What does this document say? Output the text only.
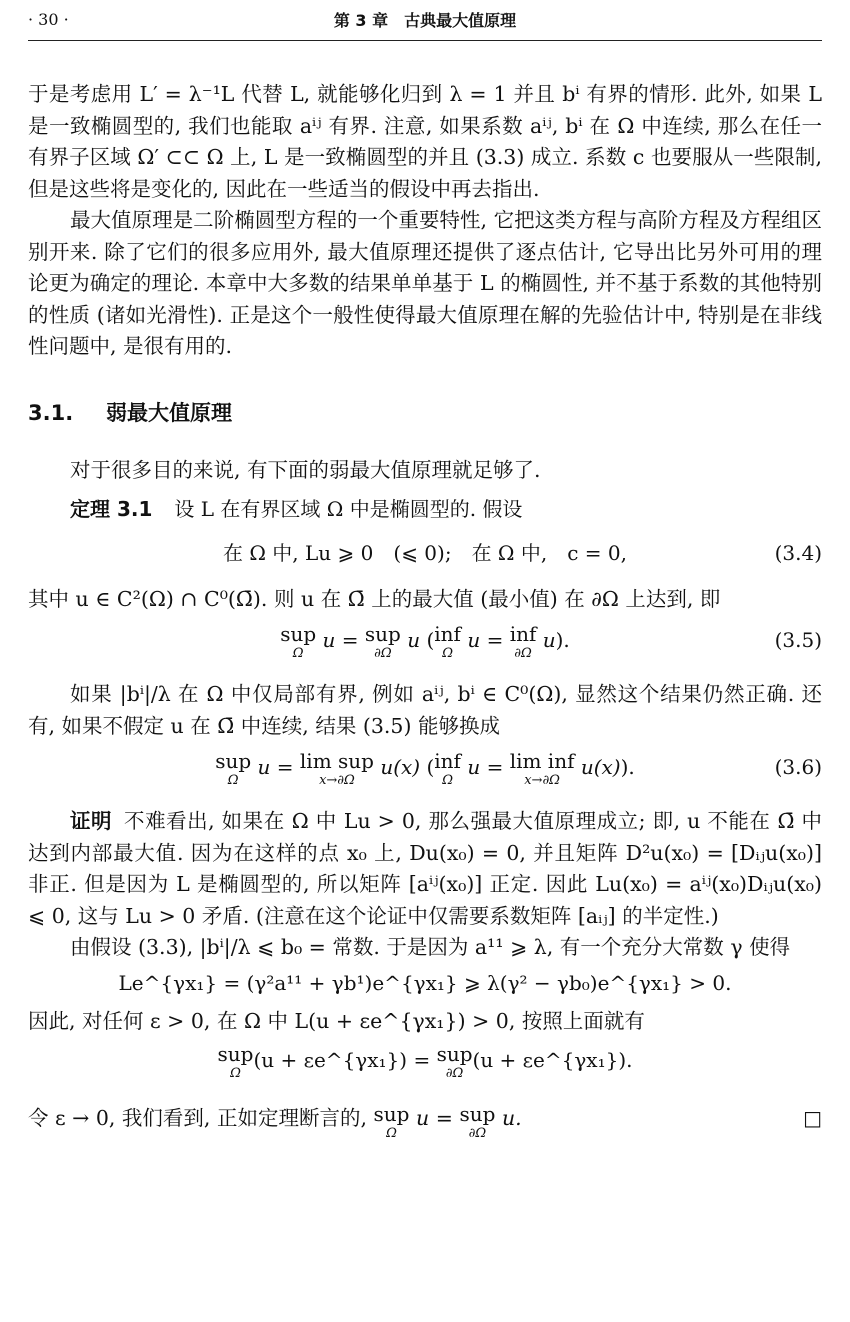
· 30 ·	第 3 章　古典最大值原理

于是考虑用 L′ = λ⁻¹L 代替 L, 就能够化归到 λ = 1 并且 bⁱ 有界的情形. 此外, 如果 L 是一致椭圆型的, 我们也能取 aⁱʲ 有界. 注意, 如果系数 aⁱʲ, bⁱ 在 Ω 中连续, 那么在任一有界子区域 Ω′ ⊂⊂ Ω 上, L 是一致椭圆型的并且 (3.3) 成立. 系数 c 也要服从一些限制, 但是这些将是变化的, 因此在一些适当的假设中再去指出.

最大值原理是二阶椭圆型方程的一个重要特性, 它把这类方程与高阶方程及方程组区别开来. 除了它们的很多应用外, 最大值原理还提供了逐点估计, 它导出比另外可用的理论更为确定的理论. 本章中大多数的结果单单基于 L 的椭圆性, 并不基于系数的其他特别的性质 (诸如光滑性). 正是这个一般性使得最大值原理在解的先验估计中, 特别是在非线性问题中, 是很有用的.

3.1. 弱最大值原理

对于很多目的来说, 有下面的弱最大值原理就足够了.

定理 3.1 设 L 在有界区域 Ω 中是椭圆型的. 假设

在 Ω 中, Lu ⩾ 0　(⩽ 0);　在 Ω 中,　c = 0,	(3.4)

其中 u ∈ C²(Ω) ∩ C⁰(Ω̄). 则 u 在 Ω̄ 上的最大值 (最小值) 在 ∂Ω 上达到, 即

sup
Ω
u = sup
∂Ω
u ( inf
Ω
u = inf
∂Ω
u).	(3.5)

如果 |bⁱ|/λ 在 Ω 中仅局部有界, 例如 aⁱʲ, bⁱ ∈ C⁰(Ω), 显然这个结果仍然正确. 还有, 如果不假定 u 在 Ω̄ 中连续, 结果 (3.5) 能够换成

sup
Ω
u = lim sup
x→∂Ω
u(x) ( inf
Ω
u = lim inf
x→∂Ω
u(x)).	(3.6)

证明 不难看出, 如果在 Ω 中 Lu > 0, 那么强最大值原理成立; 即, u 不能在 Ω̄ 中达到内部最大值. 因为在这样的点 x₀ 上, Du(x₀) = 0, 并且矩阵 D²u(x₀) = [Dᵢⱼu(x₀)] 非正. 但是因为 L 是椭圆型的, 所以矩阵 [aⁱʲ(x₀)] 正定. 因此 Lu(x₀) = aⁱʲ(x₀)Dᵢⱼu(x₀) ⩽ 0, 这与 Lu > 0 矛盾. (注意在这个论证中仅需要系数矩阵 [aᵢⱼ] 的半定性.)

由假设 (3.3), |bⁱ|/λ ⩽ b₀ = 常数. 于是因为 a¹¹ ⩾ λ, 有一个充分大常数 γ 使得

Le^{γx₁} = (γ²a¹¹ + γb¹)e^{γx₁} ⩾ λ(γ² − γb₀)e^{γx₁} > 0.

因此, 对任何 ε > 0, 在 Ω 中 L(u + εe^{γx₁}) > 0, 按照上面就有

sup
Ω
(u + εe^{γx₁}) = sup
∂Ω
(u + εe^{γx₁}).
令 ε → 0, 我们看到, 正如定理断言的, sup
Ω
u = sup
∂Ω
u.	□
